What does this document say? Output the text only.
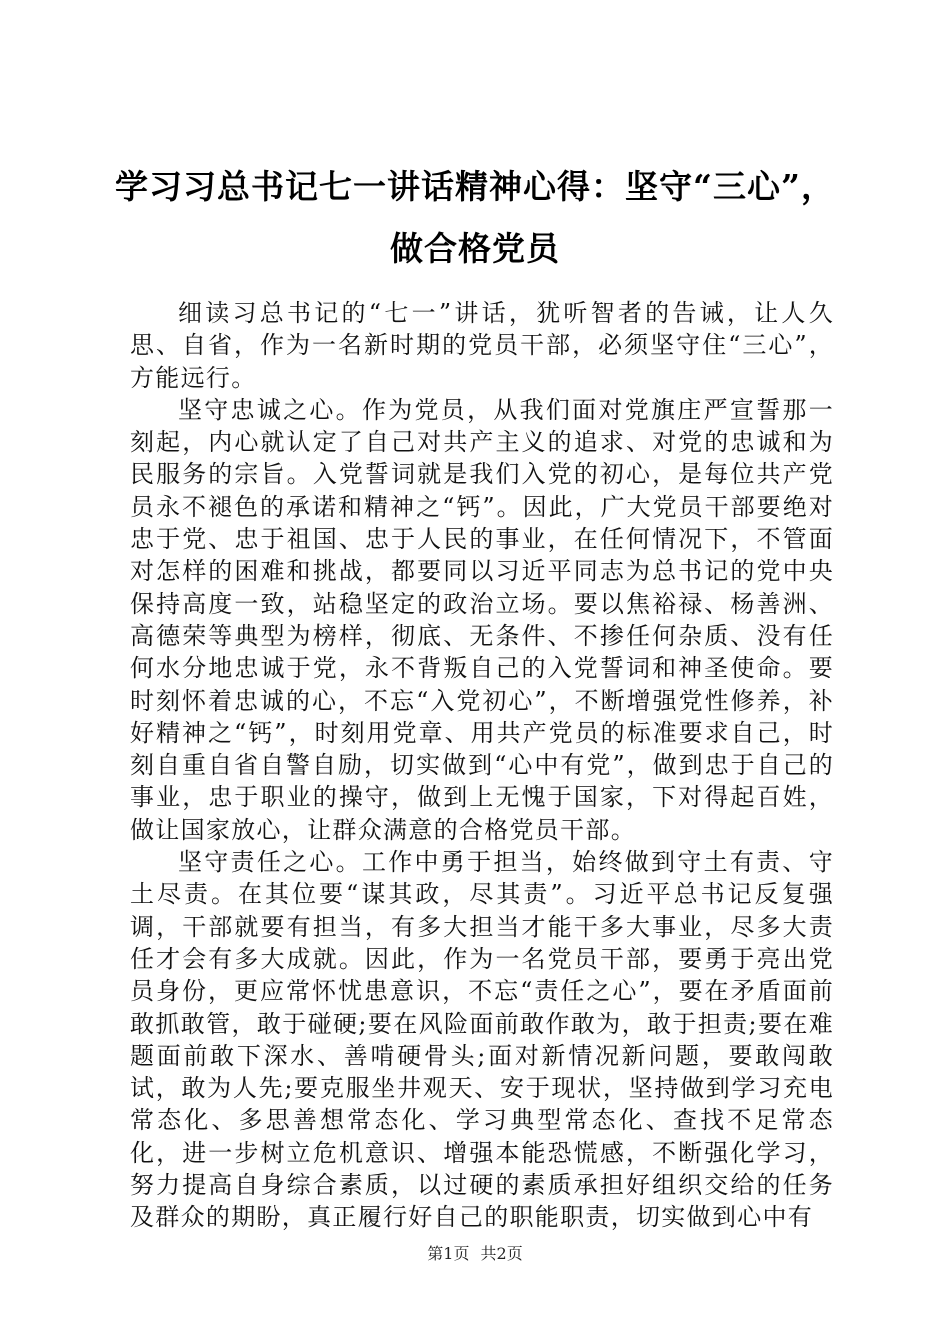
学习习总书记七一讲话精神心得：坚守“三心”，做合格党员

细读习总书记的“七一”讲话，犹听智者的告诫，让人久思、自省，作为一名新时期的党员干部，必须坚守住“三心”，方能远行。

坚守忠诚之心。作为党员，从我们面对党旗庄严宣誓那一刻起，内心就认定了自己对共产主义的追求、对党的忠诚和为民服务的宗旨。入党誓词就是我们入党的初心，是每位共产党员永不褪色的承诺和精神之“钙”。因此，广大党员干部要绝对忠于党、忠于祖国、忠于人民的事业，在任何情况下，不管面对怎样的困难和挑战，都要同以习近平同志为总书记的党中央保持高度一致，站稳坚定的政治立场。要以焦裕禄、杨善洲、高德荣等典型为榜样，彻底、无条件、不掺任何杂质、没有任何水分地忠诚于党，永不背叛自己的入党誓词和神圣使命。要时刻怀着忠诚的心，不忘“入党初心”，不断增强党性修养，补好精神之“钙”，时刻用党章、用共产党员的标准要求自己，时刻自重自省自警自励，切实做到“心中有党”，做到忠于自己的事业，忠于职业的操守，做到上无愧于国家，下对得起百姓，做让国家放心，让群众满意的合格党员干部。

坚守责任之心。工作中勇于担当，始终做到守土有责、守土尽责。在其位要“谋其政，尽其责”。习近平总书记反复强调，干部就要有担当，有多大担当才能干多大事业，尽多大责任才会有多大成就。因此，作为一名党员干部，要勇于亮出党员身份，更应常怀忧患意识，不忘“责任之心”，要在矛盾面前敢抓敢管，敢于碰硬;要在风险面前敢作敢为，敢于担责;要在难题面前敢下深水、善啃硬骨头;面对新情况新问题，要敢闯敢试，敢为人先;要克服坐井观天、安于现状，坚持做到学习充电常态化、多思善想常态化、学习典型常态化、查找不足常态化，进一步树立危机意识、增强本能恐慌感，不断强化学习，努力提高自身综合素质，以过硬的素质承担好组织交给的任务及群众的期盼，真正履行好自己的职能职责，切实做到心中有

第1页 共2页
